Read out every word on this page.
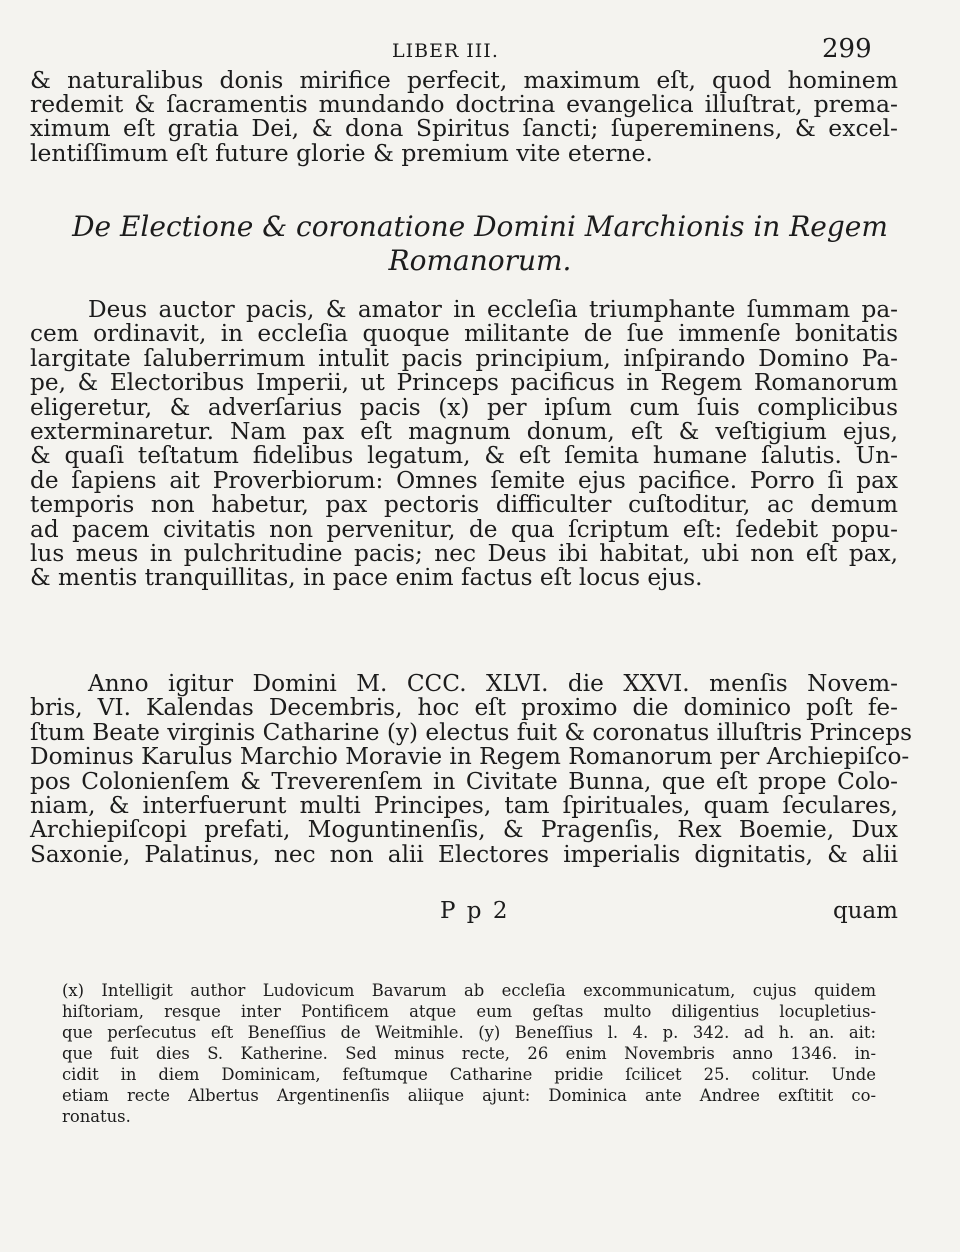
LIBER III.	299
& naturalibus donis mirifice perfecit, maximum eſt, quod hominem
redemit & ſacramentis mundando doctrina evangelica illuſtrat, prema-
ximum eſt gratia Dei, & dona Spiritus ſancti; ſupereminens, & excel-
lentiſſimum eſt future glorie & premium vite eterne.
De Electione & coronatione Domini Marchionis in Regem
Romanorum.
Deus auctor pacis, & amator in eccleſia triumphante ſummam pa-
cem ordinavit, in eccleſia quoque militante de ſue immenſe bonitatis
largitate ſaluberrimum intulit pacis principium, inſpirando Domino Pa-
pe, & Electoribus Imperii, ut Princeps pacificus in Regem Romanorum
eligeretur, & adverſarius pacis (x) per ipſum cum ſuis complicibus
exterminaretur. Nam pax eſt magnum donum, eſt & veſtigium ejus,
& quaſi teſtatum fidelibus legatum, & eſt ſemita humane ſalutis. Un-
de ſapiens ait Proverbiorum: Omnes ſemite ejus pacifice. Porro ſi pax
temporis non habetur, pax pectoris difficulter cuſtoditur, ac demum
ad pacem civitatis non pervenitur, de qua ſcriptum eſt: ſedebit popu-
lus meus in pulchritudine pacis; nec Deus ibi habitat, ubi non eſt pax,
& mentis tranquillitas, in pace enim factus eſt locus ejus.
Anno igitur Domini M. CCC. XLVI. die XXVI. menſis Novem-
bris, VI. Kalendas Decembris, hoc eſt proximo die dominico poſt fe-
ſtum Beate virginis Catharine (y) electus fuit & coronatus illuſtris Princeps
Dominus Karulus Marchio Moravie in Regem Romanorum per Archiepiſco-
pos Colonienſem & Treverenſem in Civitate Bunna, que eſt prope Colo-
niam, & interfuerunt multi Principes, tam ſpirituales, quam ſeculares,
Archiepiſcopi prefati, Moguntinenſis, & Pragenſis, Rex Boemie, Dux
Saxonie, Palatinus, nec non alii Electores imperialis dignitatis, & alii
P p 2	quam
(x) Intelligit author Ludovicum Bavarum ab eccleſia excommunicatum, cujus quidem
hiſtoriam, resque inter Pontificem atque eum geſtas multo diligentius locupletius-
que perſecutus eſt Beneſſius de Weitmihle. (y) Beneſſius l. 4. p. 342. ad h. an. ait:
que fuit dies S. Katherine. Sed minus recte, 26 enim Novembris anno 1346. in-
cidit in diem Dominicam, feſtumque Catharine pridie ſcilicet 25. colitur. Unde
etiam recte Albertus Argentinenſis aliique ajunt: Dominica ante Andree exſtitit co-
ronatus.
